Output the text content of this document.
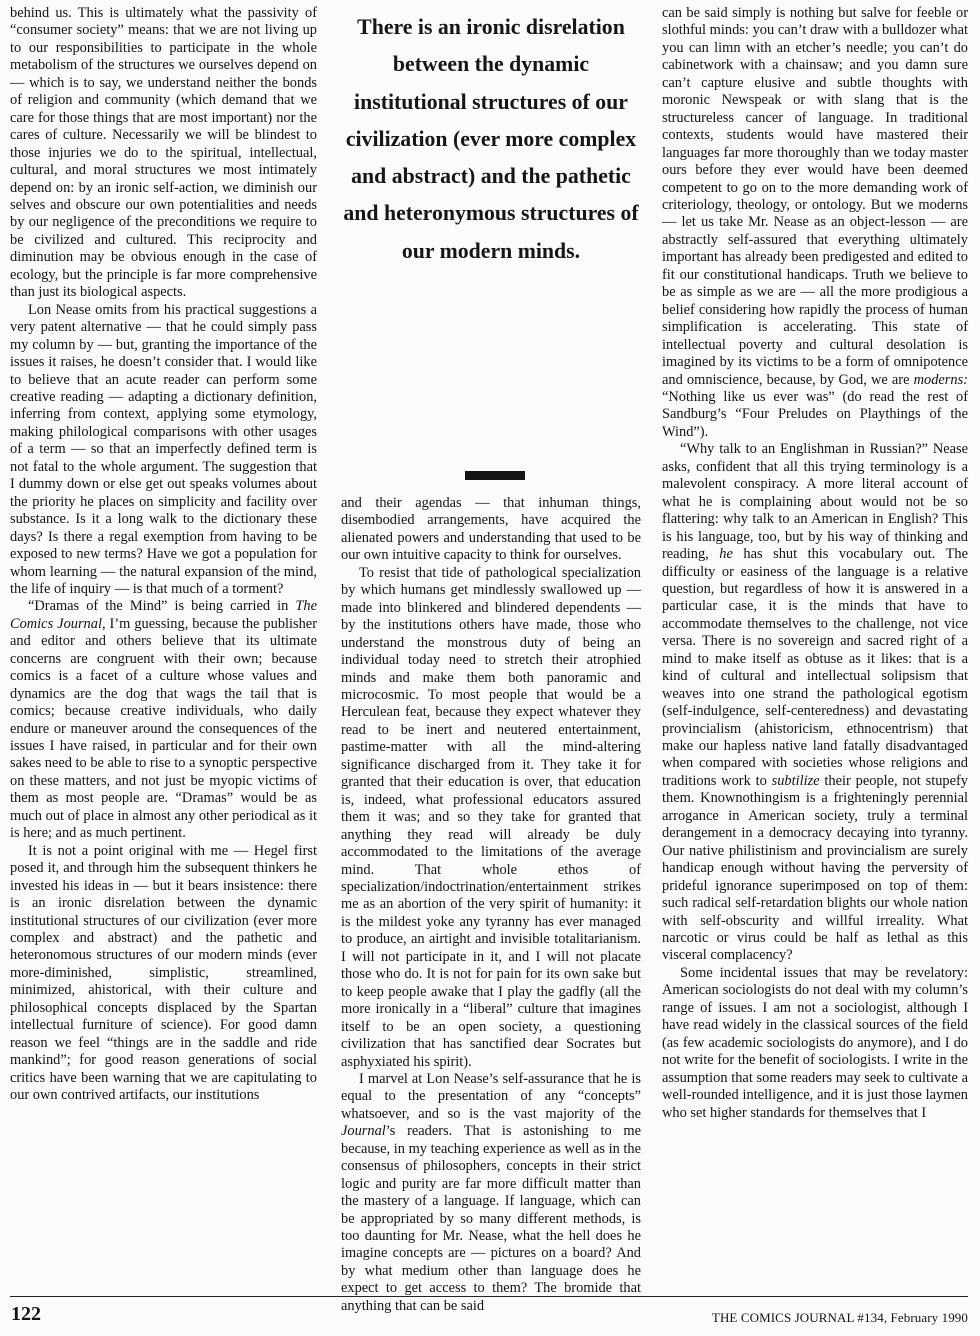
behind us. This is ultimately what the passivity of “consumer society” means: that we are not living up to our responsibilities to participate in the whole metabolism of the structures we ourselves depend on — which is to say, we understand neither the bonds of religion and community (which demand that we care for those things that are most important) nor the cares of culture. Necessarily we will be blindest to those injuries we do to the spiritual, intellectual, cultural, and moral structures we most intimately depend on: by an ironic self-action, we diminish our selves and obscure our own potentialities and needs by our negligence of the preconditions we require to be civilized and cultured. This reciprocity and diminution may be obvious enough in the case of ecology, but the principle is far more comprehensive than just its biological aspects.

Lon Nease omits from his practical suggestions a very patent alternative — that he could simply pass my column by — but, granting the importance of the issues it raises, he doesn’t consider that. I would like to believe that an acute reader can perform some creative reading — adapting a dictionary definition, inferring from context, applying some etymology, making philological comparisons with other usages of a term — so that an imperfectly defined term is not fatal to the whole argument. The suggestion that I dummy down or else get out speaks volumes about the priority he places on simplicity and facility over substance. Is it a long walk to the dictionary these days? Is there a regal exemption from having to be exposed to new terms? Have we got a population for whom learning — the natural expansion of the mind, the life of inquiry — is that much of a torment?

“Dramas of the Mind” is being carried in The Comics Journal, I’m guessing, because the publisher and editor and others believe that its ultimate concerns are congruent with their own; because comics is a facet of a culture whose values and dynamics are the dog that wags the tail that is comics; because creative individuals, who daily endure or maneuver around the consequences of the issues I have raised, in particular and for their own sakes need to be able to rise to a synoptic perspective on these matters, and not just be myopic victims of them as most people are. “Dramas” would be as much out of place in almost any other periodical as it is here; and as much pertinent.

It is not a point original with me — Hegel first posed it, and through him the subsequent thinkers he invested his ideas in — but it bears insistence: there is an ironic disrelation between the dynamic institutional structures of our civilization (ever more complex and abstract) and the pathetic and heteronomous structures of our modern minds (ever more-diminished, simplistic, streamlined, minimized, ahistorical, with their culture and philosophical concepts displaced by the Spartan intellectual furniture of science). For good damn reason we feel “things are in the saddle and ride mankind”; for good reason generations of social critics have been warning that we are capitulating to our own contrived artifacts, our institutions

There is an ironic disrelation between the dynamic institutional structures of our civilization (ever more complex and abstract) and the pathetic and heteronymous structures of our modern minds.

and their agendas — that inhuman things, disembodied arrangements, have acquired the alienated powers and understanding that used to be our own intuitive capacity to think for ourselves.

To resist that tide of pathological specialization by which humans get mindlessly swallowed up — made into blinkered and blindered dependents — by the institutions others have made, those who understand the monstrous duty of being an individual today need to stretch their atrophied minds and make them both panoramic and microcosmic. To most people that would be a Herculean feat, because they expect whatever they read to be inert and neutered entertainment, pastime-matter with all the mind-altering significance discharged from it. They take it for granted that their education is over, that education is, indeed, what professional educators assured them it was; and so they take for granted that anything they read will already be duly accommodated to the limitations of the average mind. That whole ethos of specialization/indoctrination/entertainment strikes me as an abortion of the very spirit of humanity: it is the mildest yoke any tyranny has ever managed to produce, an airtight and invisible totalitarianism. I will not participate in it, and I will not placate those who do. It is not for pain for its own sake but to keep people awake that I play the gadfly (all the more ironically in a “liberal” culture that imagines itself to be an open society, a questioning civilization that has sanctified dear Socrates but asphyxiated his spirit).

I marvel at Lon Nease’s self-assurance that he is equal to the presentation of any “concepts” whatsoever, and so is the vast majority of the Journal’s readers. That is astonishing to me because, in my teaching experience as well as in the consensus of philosophers, concepts in their strict logic and purity are far more difficult matter than the mastery of a language. If language, which can be appropriated by so many different methods, is too daunting for Mr. Nease, what the hell does he imagine concepts are — pictures on a board? And by what medium other than language does he expect to get access to them? The bromide that anything that can be said

can be said simply is nothing but salve for feeble or slothful minds: you can’t draw with a bulldozer what you can limn with an etcher’s needle; you can’t do cabinetwork with a chainsaw; and you damn sure can’t capture elusive and subtle thoughts with moronic Newspeak or with slang that is the structureless cancer of language. In traditional contexts, students would have mastered their languages far more thoroughly than we today master ours before they ever would have been deemed competent to go on to the more demanding work of criteriology, theology, or ontology. But we moderns — let us take Mr. Nease as an object-lesson — are abstractly self-assured that everything ultimately important has already been predigested and edited to fit our constitutional handicaps. Truth we believe to be as simple as we are — all the more prodigious a belief considering how rapidly the process of human simplification is accelerating. This state of intellectual poverty and cultural desolation is imagined by its victims to be a form of omnipotence and omniscience, because, by God, we are moderns: “Nothing like us ever was” (do read the rest of Sandburg’s “Four Preludes on Playthings of the Wind”).

“Why talk to an Englishman in Russian?” Nease asks, confident that all this trying terminology is a malevolent conspiracy. A more literal account of what he is complaining about would not be so flattering: why talk to an American in English? This is his language, too, but by his way of thinking and reading, he has shut this vocabulary out. The difficulty or easiness of the language is a relative question, but regardless of how it is answered in a particular case, it is the minds that have to accommodate themselves to the challenge, not vice versa. There is no sovereign and sacred right of a mind to make itself as obtuse as it likes: that is a kind of cultural and intellectual solipsism that weaves into one strand the pathological egotism (self-indulgence, self-centeredness) and devastating provincialism (ahistoricism, ethnocentrism) that make our hapless native land fatally disadvantaged when compared with societies whose religions and traditions work to subtilize their people, not stupefy them. Knownothingism is a frighteningly perennial arrogance in American society, truly a terminal derangement in a democracy decaying into tyranny. Our native philistinism and provincialism are surely handicap enough without having the perversity of prideful ignorance superimposed on top of them: such radical self-retardation blights our whole nation with self-obscurity and willful irreality. What narcotic or virus could be half as lethal as this visceral complacency?

Some incidental issues that may be revelatory: American sociologists do not deal with my column’s range of issues. I am not a sociologist, although I have read widely in the classical sources of the field (as few academic sociologists do anymore), and I do not write for the benefit of sociologists. I write in the assumption that some readers may seek to cultivate a well-rounded intelligence, and it is just those laymen who set higher standards for themselves that I

122	THE COMICS JOURNAL #134, February 1990
